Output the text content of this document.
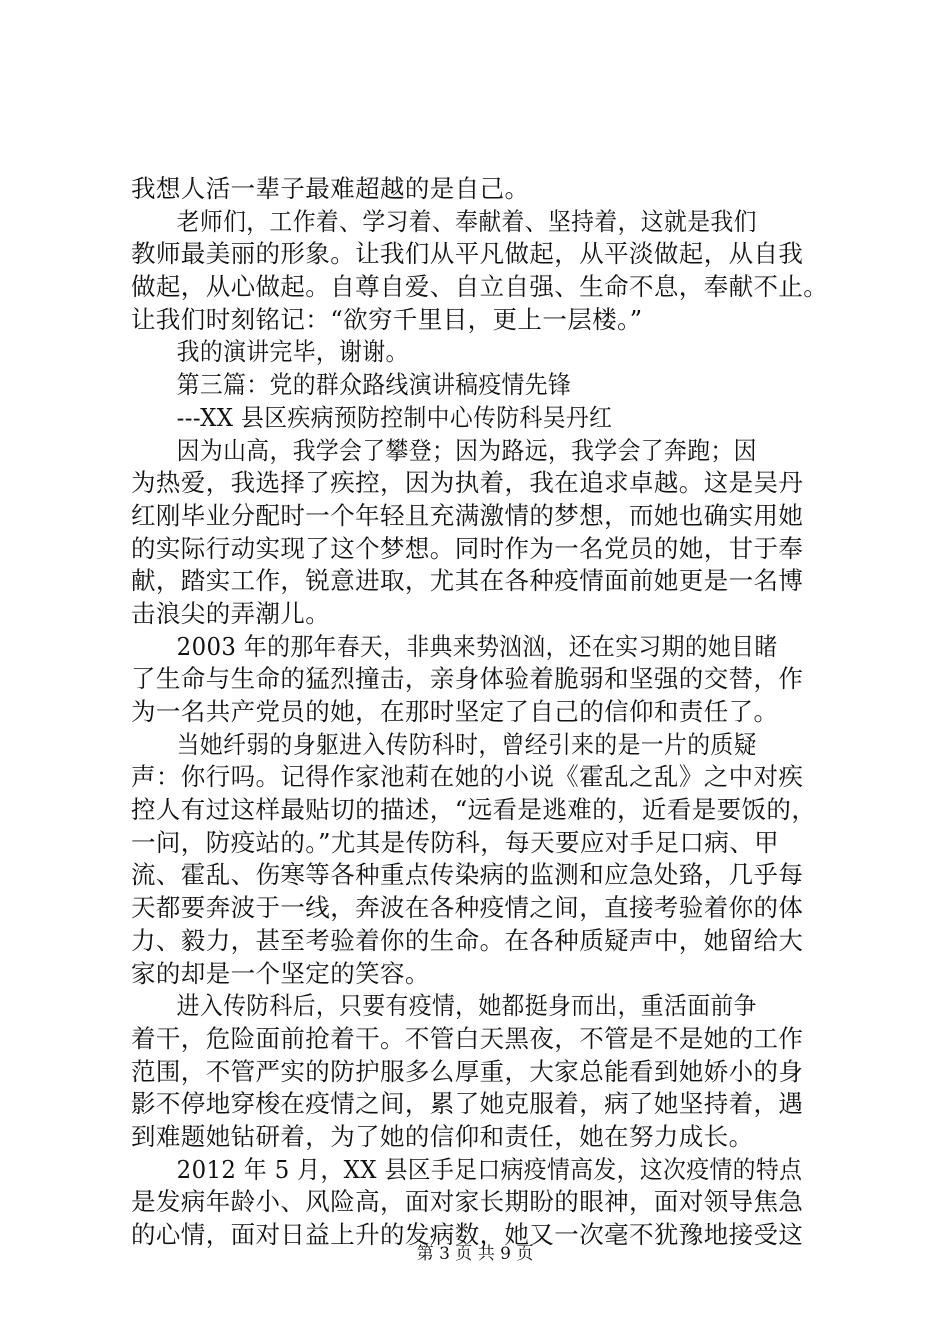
我想人活一辈子最难超越的是自己。
老师们，工作着、学习着、奉献着、坚持着，这就是我们
教师最美丽的形象。让我们从平凡做起，从平淡做起，从自我
做起，从心做起。自尊自爱、自立自强、生命不息，奉献不止。
让我们时刻铭记：“欲穷千里目，更上一层楼。”
我的演讲完毕，谢谢。
第三篇：党的群众路线演讲稿疫情先锋
---XX 县区疾病预防控制中心传防科吴丹红
因为山高，我学会了攀登；因为路远，我学会了奔跑；因
为热爱，我选择了疾控，因为执着，我在追求卓越。这是吴丹
红刚毕业分配时一个年轻且充满激情的梦想，而她也确实用她
的实际行动实现了这个梦想。同时作为一名党员的她，甘于奉
献，踏实工作，锐意进取，尤其在各种疫情面前她更是一名博
击浪尖的弄潮儿。
2003 年的那年春天，非典来势汹汹，还在实习期的她目睹
了生命与生命的猛烈撞击，亲身体验着脆弱和坚强的交替，作
为一名共产党员的她，在那时坚定了自己的信仰和责任了。
当她纤弱的身躯进入传防科时，曾经引来的是一片的质疑
声：你行吗。记得作家池莉在她的小说《霍乱之乱》之中对疾
控人有过这样最贴切的描述，“远看是逃难的，近看是要饭的，
一问，防疫站的。”尤其是传防科，每天要应对手足口病、甲
流、霍乱、伤寒等各种重点传染病的监测和应急处臵，几乎每
天都要奔波于一线，奔波在各种疫情之间，直接考验着你的体
力、毅力，甚至考验着你的生命。在各种质疑声中，她留给大
家的却是一个坚定的笑容。
进入传防科后，只要有疫情，她都挺身而出，重活面前争
着干，危险面前抢着干。不管白天黑夜，不管是不是她的工作
范围，不管严实的防护服多么厚重，大家总能看到她娇小的身
影不停地穿梭在疫情之间，累了她克服着，病了她坚持着，遇
到难题她钻研着，为了她的信仰和责任，她在努力成长。
2012 年 5 月，XX 县区手足口病疫情高发，这次疫情的特点
是发病年龄小、风险高，面对家长期盼的眼神，面对领导焦急
的心情，面对日益上升的发病数，她又一次毫不犹豫地接受这
第 3 页 共 9 页
